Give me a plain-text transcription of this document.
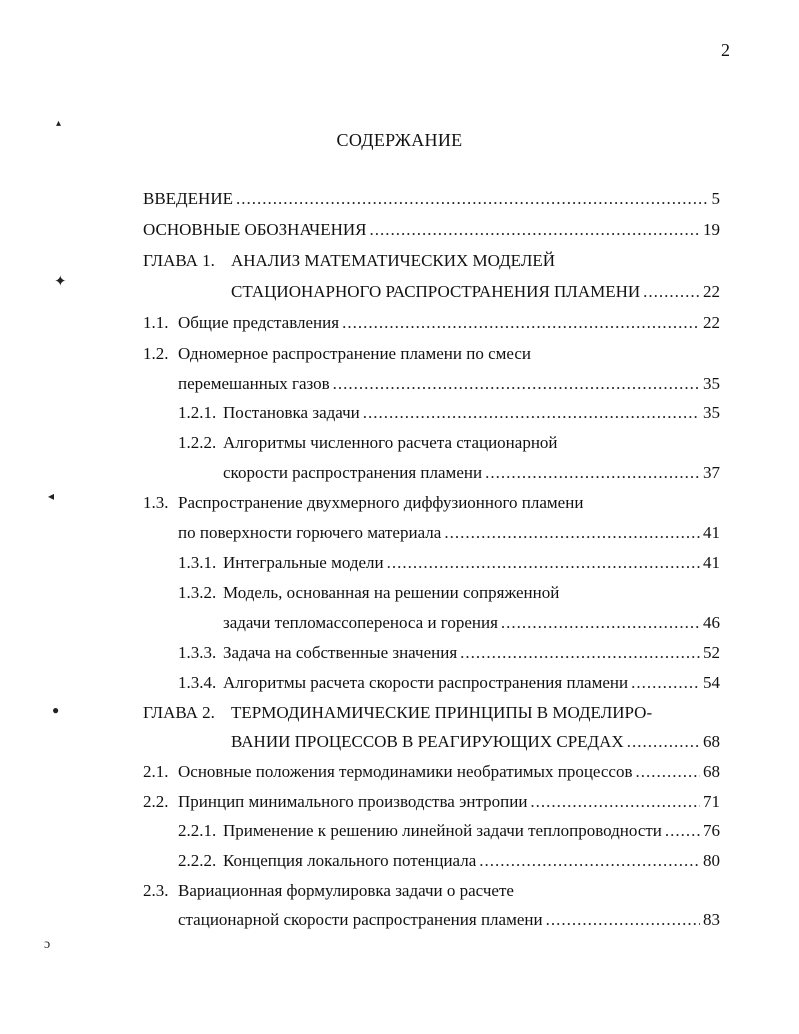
2
СОДЕРЖАНИЕ
ВВЕДЕНИЕ .....	5
ОСНОВНЫЕ ОБОЗНАЧЕНИЯ .....	19
ГЛАВА 1. АНАЛИЗ МАТЕМАТИЧЕСКИХ МОДЕЛЕЙ
СТАЦИОНАРНОГО РАСПРОСТРАНЕНИЯ ПЛАМЕНИ .....	22
1.1. Общие представления .....	22
1.2. Одномерное распространение пламени по смеси
перемешанных газов .....	35
1.2.1. Постановка задачи .....	35
1.2.2. Алгоритмы численного расчета стационарной
скорости распространения пламени .....	37
1.3. Распространение двухмерного диффузионного пламени
по поверхности горючего материала .....	41
1.3.1. Интегральные модели .....	41
1.3.2. Модель, основанная на решении сопряженной
задачи тепломассопереноса и горения .....	46
1.3.3. Задача на собственные значения .....	52
1.3.4. Алгоритмы расчета скорости распространения пламени .....	54
ГЛАВА 2. ТЕРМОДИНАМИЧЕСКИЕ ПРИНЦИПЫ В МОДЕЛИРО-
ВАНИИ ПРОЦЕССОВ В РЕАГИРУЮЩИХ СРЕДАХ .....	68
2.1. Основные положения термодинамики необратимых процессов .....	68
2.2. Принцип минимального производства энтропии .....	71
2.2.1. Применение к решению линейной задачи теплопроводности ..... 76
2.2.2. Концепция локального потенциала .....	80
2.3. Вариационная формулировка задачи о расчете
стационарной скорости распространения пламени .....	83
▴
✦
◂
●
ɔ
